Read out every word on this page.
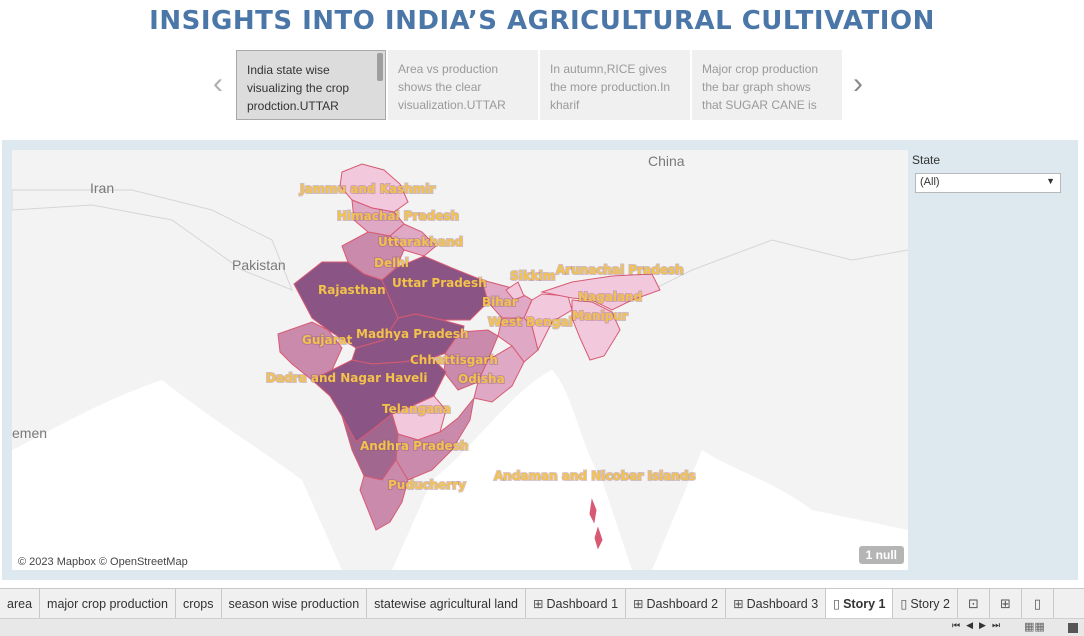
INSIGHTS INTO INDIA’S AGRICULTURAL CULTIVATION
‹	India state wise visualizing the crop prodction.UTTAR
Area vs production shows the clear visualization.UTTAR
In autumn,RICE gives the more production.In kharif
Major crop production the bar graph shows that SUGAR CANE is
›
Iran
China
Pakistan
emen
Jammu and Kashmir
Himachal Pradesh
Uttarakhand
Delhi
Rajasthan Uttar Pradesh Sikkim Arunachal Pradesh
Bihar	Nagaland
West Bengal Manipur
Gujarat Madhya Pradesh
Chhattisgarh
Dadra and Nagar Haveli	Odisha
Telangana
Andhra Pradesh
Puducherry
Andaman and Nicobar Islands
© 2023 Mapbox © OpenStreetMap	1 null
State
(All)	▼
area	major crop production	crops	season wise production	statewise agricultural land	⊞ Dashboard 1	⊞ Dashboard 2	⊞ Dashboard 3	▯ Story 1	▯ Story 2	⊡	⊞	▯
⏮◀▶⏭ ▦▦
